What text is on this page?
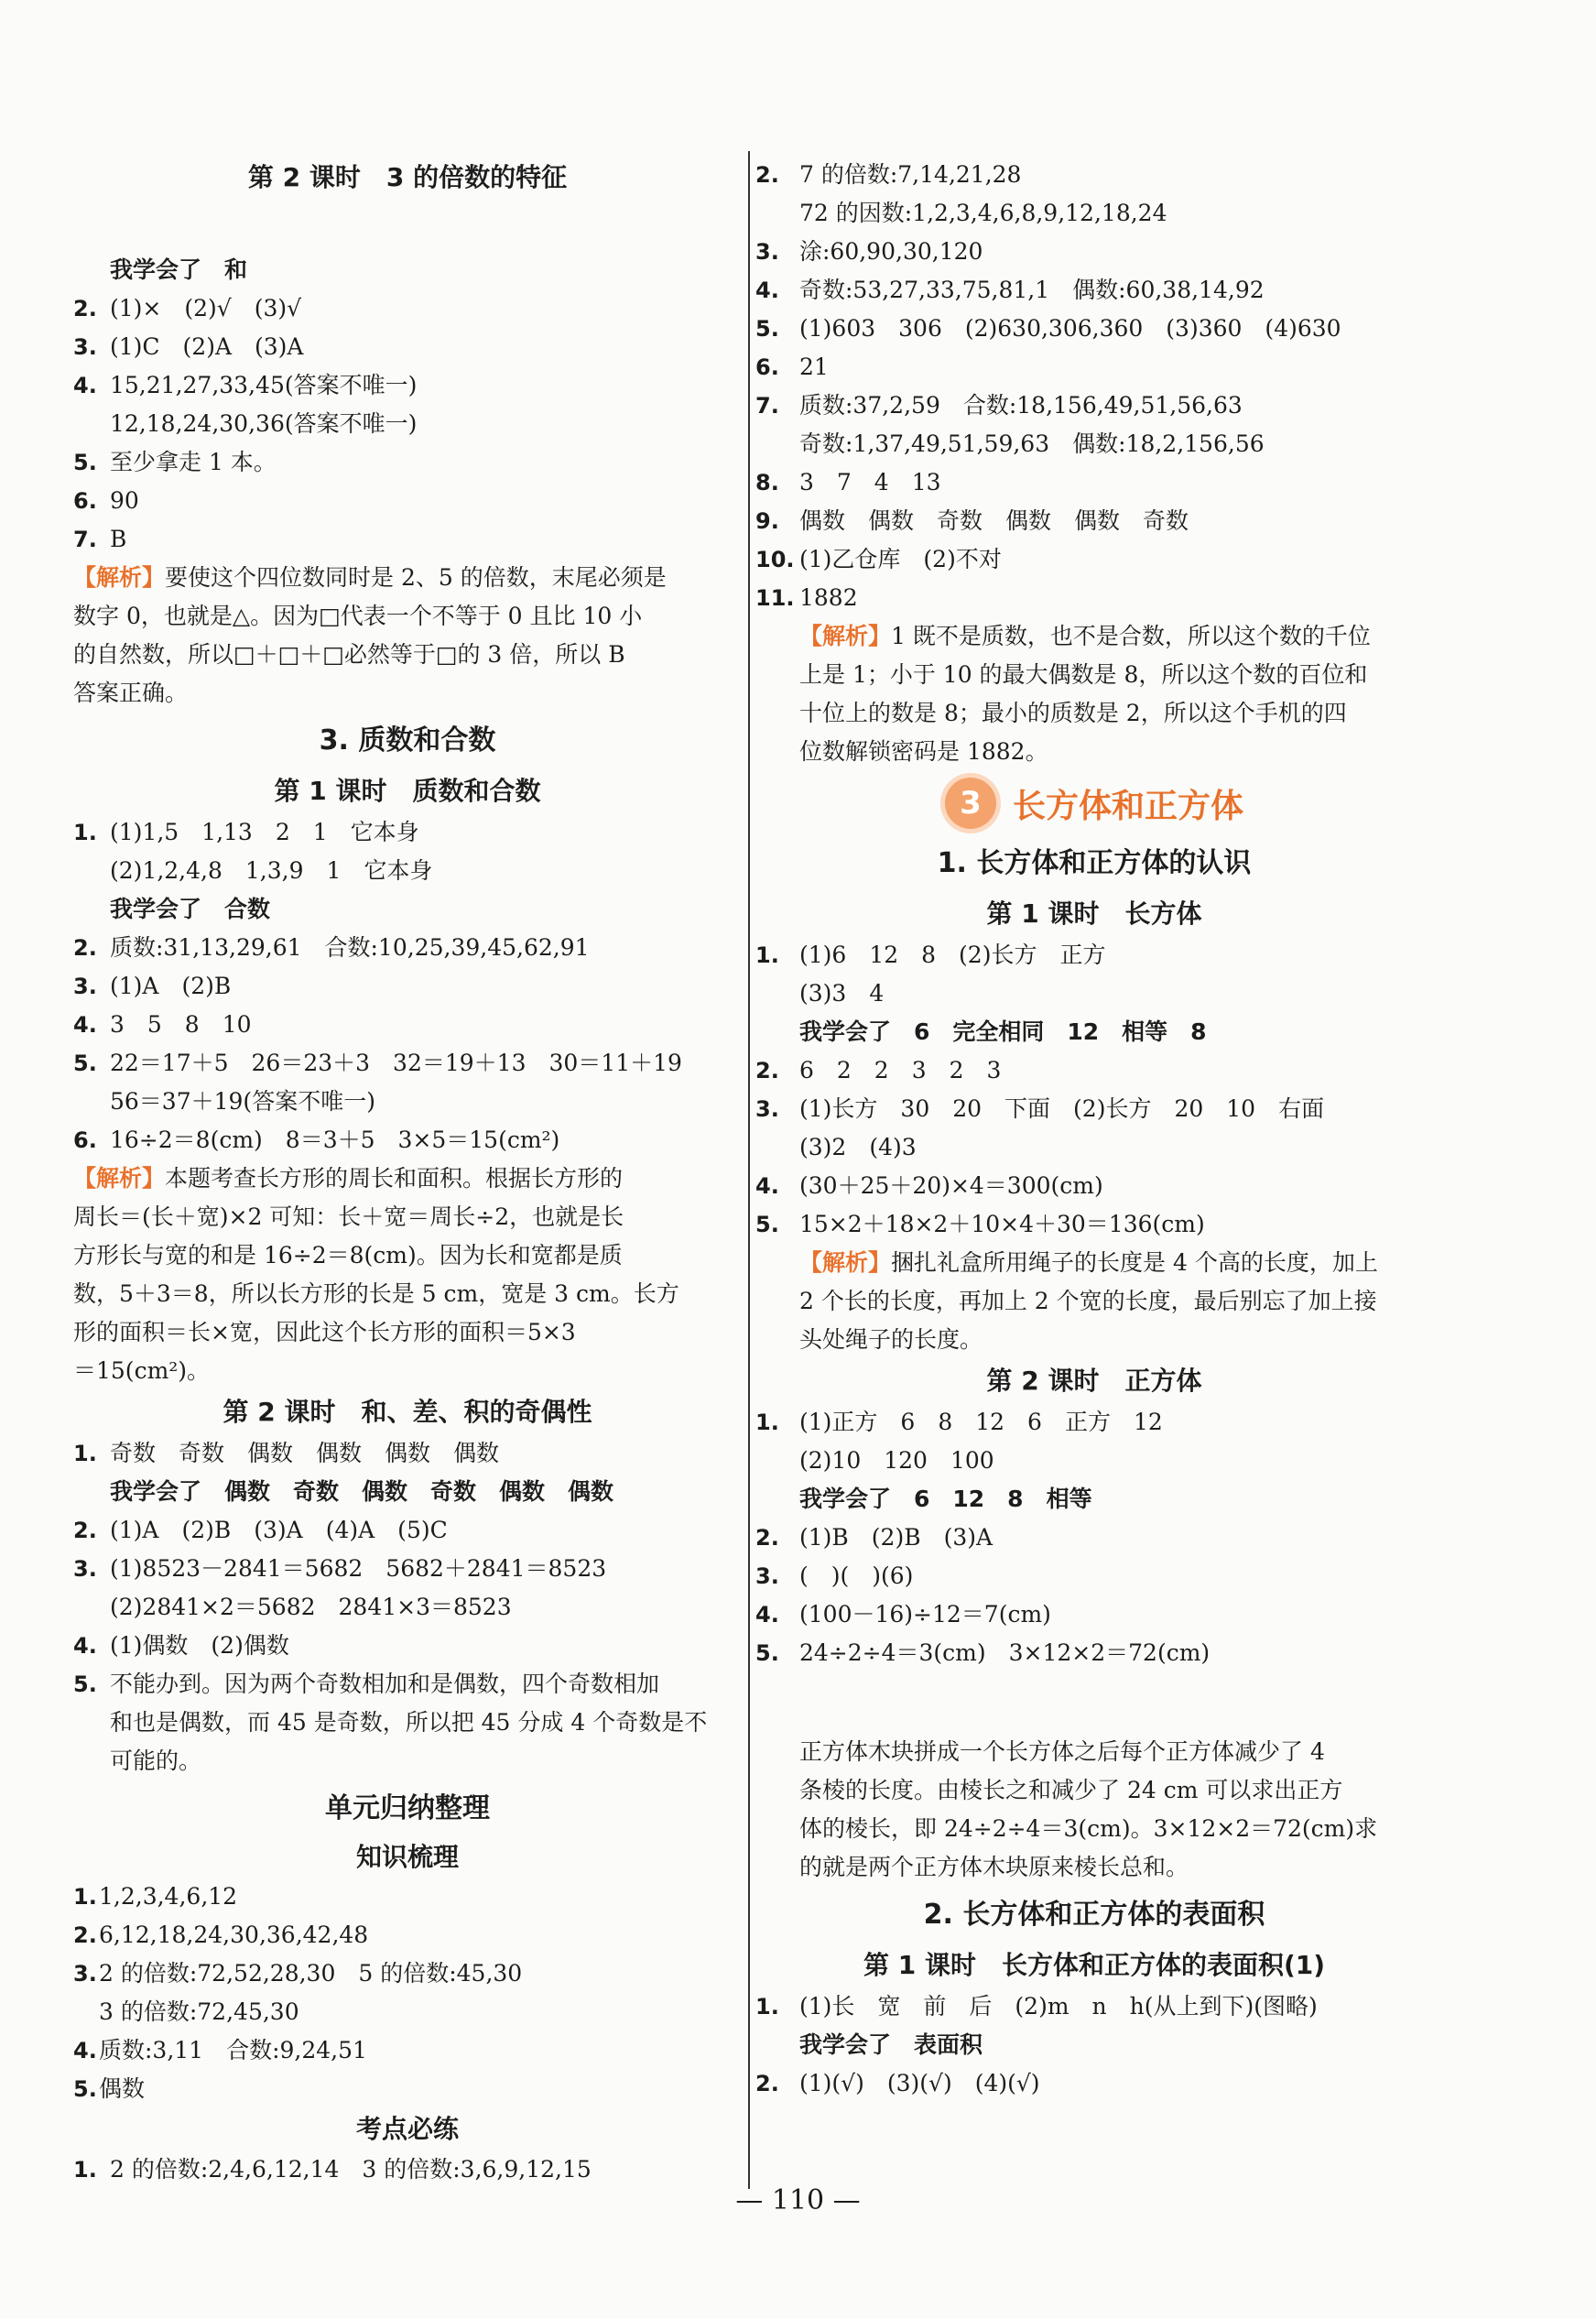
第 2 课时　3 的倍数的特征

我学会了　和
2. (1)×　(2)√　(3)√
3. (1)C　(2)A　(3)A
4. 15,21,27,33,45(答案不唯一)
12,18,24,30,36(答案不唯一)
5. 至少拿走 1 本。
6. 90
7. B
【解析】要使这个四位数同时是 2、5 的倍数，末尾必须是
数字 0，也就是△。因为□代表一个不等于 0 且比 10 小
的自然数，所以□＋□＋□必然等于□的 3 倍，所以 B
答案正确。
3. 质数和合数
第 1 课时　质数和合数
1. (1)1,5　1,13　2　1　它本身
(2)1,2,4,8　1,3,9　1　它本身
我学会了　合数
2. 质数:31,13,29,61　合数:10,25,39,45,62,91
3. (1)A　(2)B
4. 3　5　8　10
5. 22＝17＋5　26＝23＋3　32＝19＋13　30＝11＋19
56＝37＋19(答案不唯一)
6. 16÷2＝8(cm)　8＝3＋5　3×5＝15(cm²)
【解析】本题考查长方形的周长和面积。根据长方形的
周长＝(长＋宽)×2 可知：长＋宽＝周长÷2，也就是长
方形长与宽的和是 16÷2＝8(cm)。因为长和宽都是质
数，5＋3＝8，所以长方形的长是 5 cm，宽是 3 cm。长方
形的面积＝长×宽，因此这个长方形的面积＝5×3
＝15(cm²)。
第 2 课时　和、差、积的奇偶性
1. 奇数　奇数　偶数　偶数　偶数　偶数
我学会了　偶数　奇数　偶数　奇数　偶数　偶数
2. (1)A　(2)B　(3)A　(4)A　(5)C
3. (1)8523－2841＝5682　5682＋2841＝8523
(2)2841×2＝5682　2841×3＝8523
4. (1)偶数　(2)偶数
5. 不能办到。因为两个奇数相加和是偶数，四个奇数相加
和也是偶数，而 45 是奇数，所以把 45 分成 4 个奇数是不
可能的。
单元归纳整理
知识梳理
1.1,2,3,4,6,12
2.6,12,18,24,30,36,42,48
3.2 的倍数:72,52,28,30　5 的倍数:45,30
3 的倍数:72,45,30
4.质数:3,11　合数:9,24,51
5.偶数
考点必练
1. 2 的倍数:2,4,6,12,14　3 的倍数:3,6,9,12,15
2. 7 的倍数:7,14,21,28
72 的因数:1,2,3,4,6,8,9,12,18,24
3. 涂:60,90,30,120
4. 奇数:53,27,33,75,81,1　偶数:60,38,14,92
5. (1)603　306　(2)630,306,360　(3)360　(4)630
6. 21
7. 质数:37,2,59　合数:18,156,49,51,56,63
奇数:1,37,49,51,59,63　偶数:18,2,156,56
8. 3　7　4　13
9. 偶数　偶数　奇数　偶数　偶数　奇数
10. (1)乙仓库　(2)不对
11. 1882
【解析】1 既不是质数，也不是合数，所以这个数的千位
上是 1；小于 10 的最大偶数是 8，所以这个数的百位和
十位上的数是 8；最小的质数是 2，所以这个手机的四
位数解锁密码是 1882。
3 长方体和正方体
1. 长方体和正方体的认识
第 1 课时　长方体
1. (1)6　12　8　(2)长方　正方
(3)3　4
我学会了　6　完全相同　12　相等　8
2. 6　2　2　3　2　3
3. (1)长方　30　20　下面　(2)长方　20　10　右面
(3)2　(4)3
4. (30＋25＋20)×4＝300(cm)
5. 15×2＋18×2＋10×4＋30＝136(cm)
【解析】捆扎礼盒所用绳子的长度是 4 个高的长度，加上
2 个长的长度，再加上 2 个宽的长度，最后别忘了加上接
头处绳子的长度。
第 2 课时　正方体
1. (1)正方　6　8　12　6　正方　12
(2)10　120　100
我学会了　6　12　8　相等
2. (1)B　(2)B　(3)A
3. (　)(　)(6)
4. (100－16)÷12＝7(cm)
5. 24÷2÷4＝3(cm)　3×12×2＝72(cm)

正方体木块拼成一个长方体之后每个正方体减少了 4
条棱的长度。由棱长之和减少了 24 cm 可以求出正方
体的棱长，即 24÷2÷4＝3(cm)。3×12×2＝72(cm)求
的就是两个正方体木块原来棱长总和。
2. 长方体和正方体的表面积
第 1 课时　长方体和正方体的表面积(1)
1. (1)长　宽　前　后　(2)m　n　h(从上到下)(图略)
我学会了　表面积
2. (1)(√)　(3)(√)　(4)(√)
— 110 —
